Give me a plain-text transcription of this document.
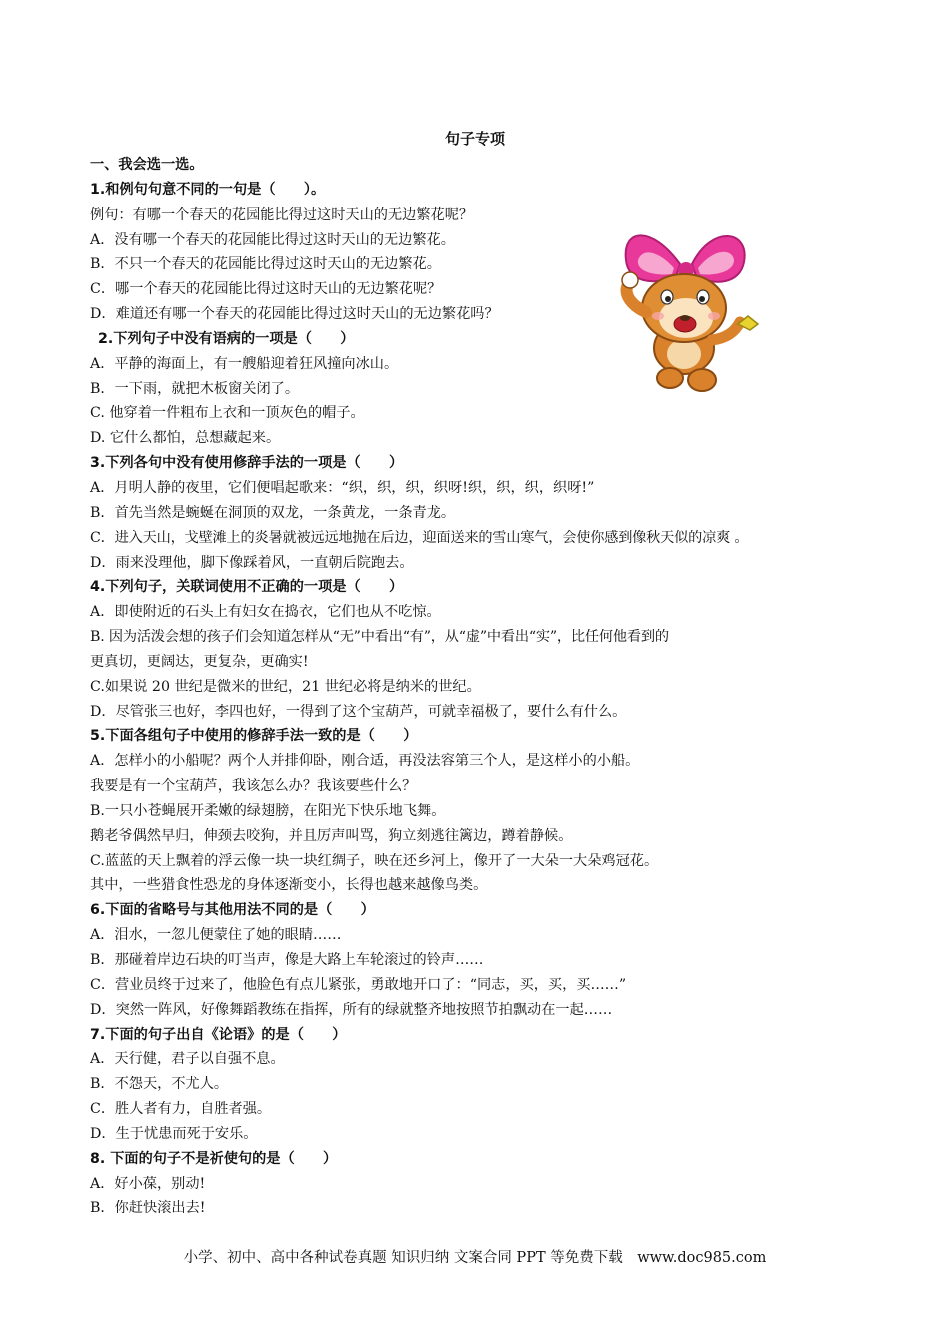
句子专项
一、我会选一选。
1.和例句句意不同的一句是（　　）。
例句：有哪一个春天的花园能比得过这时天山的无边繁花呢？
A．没有哪一个春天的花园能比得过这时天山的无边繁花。
B．不只一个春天的花园能比得过这时天山的无边繁花。
C．哪一个春天的花园能比得过这时天山的无边繁花呢？
D．难道还有哪一个春天的花园能比得过这时天山的无边繁花吗？
2.下列句子中没有语病的一项是（　　）
A．平静的海面上，有一艘船迎着狂风撞向冰山。
B．一下雨，就把木板窗关闭了。
C. 他穿着一件粗布上衣和一顶灰色的帽子。
D. 它什么都怕，总想藏起来。
3.下列各句中没有使用修辞手法的一项是（　　）
A．月明人静的夜里，它们便唱起歌来：“织，织，织，织呀!织，织，织，织呀!”
B．首先当然是蜿蜒在洞顶的双龙，一条黄龙，一条青龙。
C．进入天山，戈壁滩上的炎暑就被远远地抛在后边，迎面送来的雪山寒气，会使你感到像秋天似的凉爽 。
D．雨来没理他，脚下像踩着风，一直朝后院跑去。
4.下列句子，关联词使用不正确的一项是（　　）
A．即使附近的石头上有妇女在捣衣，它们也从不吃惊。
B. 因为活泼会想的孩子们会知道怎样从“无”中看出“有”，从“虚”中看出“实”，比任何他看到的
更真切，更阔达，更复杂，更确实!
C.如果说 20 世纪是微米的世纪，21 世纪必将是纳米的世纪。
D．尽管张三也好，李四也好，一得到了这个宝葫芦，可就幸福极了，要什么有什么。
5.下面各组句子中使用的修辞手法一致的是（　　）
A．怎样小的小船呢？两个人并排仰卧，刚合适，再没法容第三个人，是这样小的小船。
我要是有一个宝葫芦，我该怎么办？我该要些什么？
B.一只小苍蝇展开柔嫩的绿翅膀，在阳光下快乐地飞舞。
鹅老爷偶然早归，伸颈去咬狗，并且厉声叫骂，狗立刻逃往篱边，蹲着静候。
C.蓝蓝的天上飘着的浮云像一块一块红绸子，映在还乡河上，像开了一大朵一大朵鸡冠花。
其中，一些猎食性恐龙的身体逐渐变小，长得也越来越像鸟类。
6.下面的省略号与其他用法不同的是（　　）
A．泪水，一忽儿便蒙住了她的眼睛……
B．那碰着岸边石块的叮当声，像是大路上车轮滚过的铃声……
C．营业员终于过来了，他脸色有点儿紧张，勇敢地开口了：“同志，买，买，买……”
D．突然一阵风，好像舞蹈教练在指挥，所有的绿就整齐地按照节拍飘动在一起……
7.下面的句子出自《论语》的是（　　）
A．天行健，君子以自强不息。
B．不怨天，不尤人。
C．胜人者有力，自胜者强。
D．生于忧患而死于安乐。
8. 下面的句子不是祈使句的是（　　）
A．好小葆，别动!
B．你赶快滚出去!
小学、初中、高中各种试卷真题 知识归纳 文案合同 PPT 等免费下载　www.doc985.com
